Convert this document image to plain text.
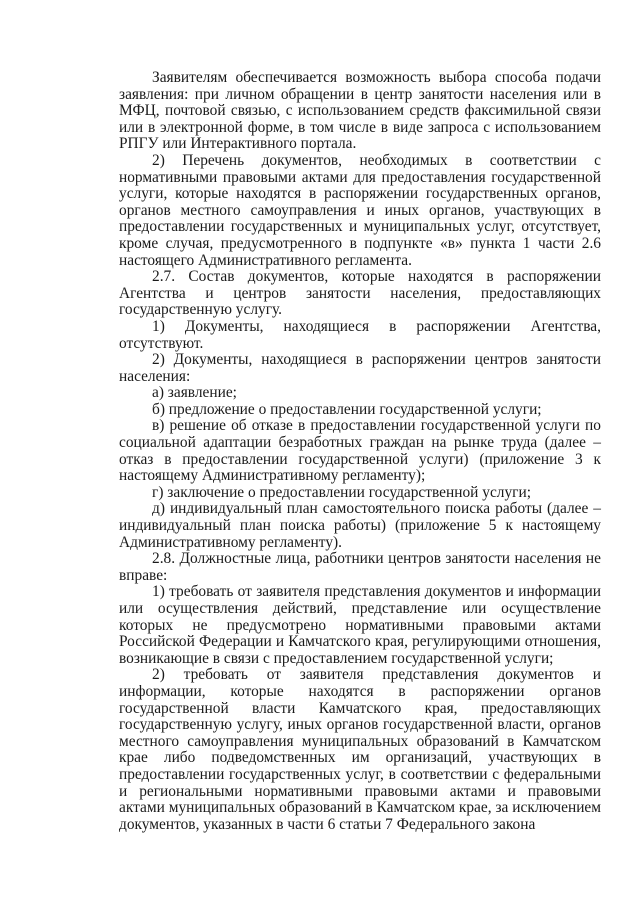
Заявителям обеспечивается возможность выбора способа подачи заявления: при личном обращении в центр занятости населения или в МФЦ, почтовой связью, с использованием средств факсимильной связи или в электронной форме, в том числе в виде запроса с использованием РПГУ или Интерактивного портала.

2) Перечень документов, необходимых в соответствии с нормативными правовыми актами для предоставления государственной услуги, которые находятся в распоряжении государственных органов, органов местного самоуправления и иных органов, участвующих в предоставлении государственных и муниципальных услуг, отсутствует, кроме случая, предусмотренного в подпункте «в» пункта 1 части 2.6 настоящего Административного регламента.

2.7. Состав документов, которые находятся в распоряжении Агентства и центров занятости населения, предоставляющих государственную услугу.

1) Документы, находящиеся в распоряжении Агентства, отсутствуют.

2) Документы, находящиеся в распоряжении центров занятости населения:

а) заявление;

б) предложение о предоставлении государственной услуги;

в) решение об отказе в предоставлении государственной услуги по социальной адаптации безработных граждан на рынке труда (далее – отказ в предоставлении государственной услуги) (приложение 3 к настоящему Административному регламенту);

г) заключение о предоставлении государственной услуги;

д) индивидуальный план самостоятельного поиска работы (далее – индивидуальный план поиска работы) (приложение 5 к настоящему Административному регламенту).

2.8. Должностные лица, работники центров занятости населения не вправе:

1) требовать от заявителя представления документов и информации или осуществления действий, представление или осуществление которых не предусмотрено нормативными правовыми актами Российской Федерации и Камчатского края, регулирующими отношения, возникающие в связи с предоставлением государственной услуги;

2) требовать от заявителя представления документов и информации, которые находятся в распоряжении органов государственной власти Камчатского края, предоставляющих государственную услугу, иных органов государственной власти, органов местного самоуправления муниципальных образований в Камчатском крае либо подведомственных им организаций, участвующих в предоставлении государственных услуг, в соответствии с федеральными и региональными нормативными правовыми актами и правовыми актами муниципальных образований в Камчатском крае, за исключением документов, указанных в части 6 статьи 7 Федерального закона
